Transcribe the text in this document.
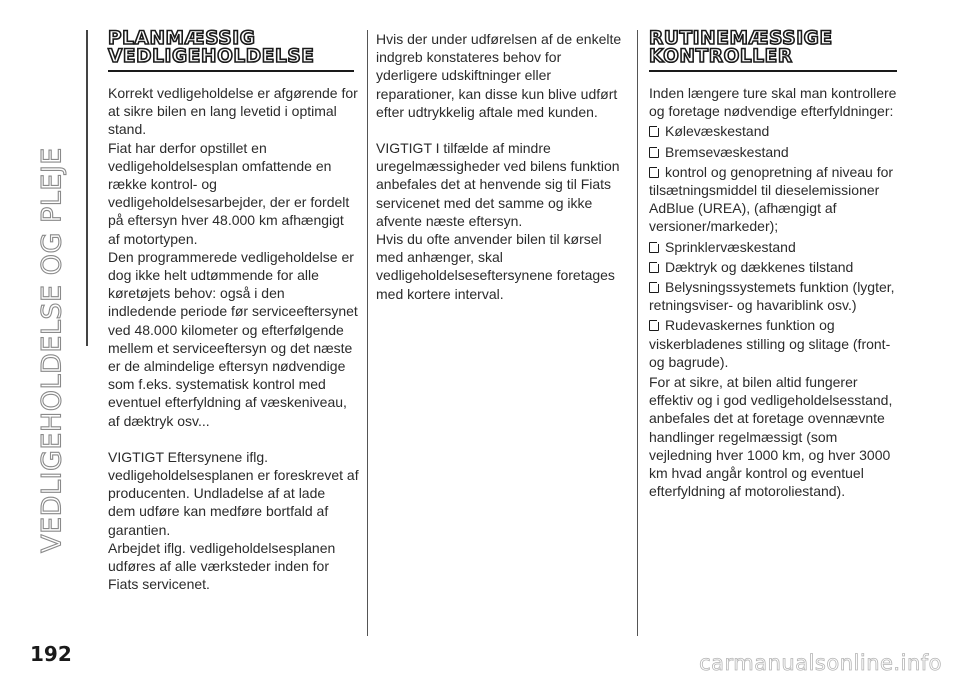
VEDLIGEHOLDELSE OG PLEJE
PLANMÆSSIG
VEDLIGEHOLDELSE
Korrekt vedligeholdelse er afgørende for
at sikre bilen en lang levetid i optimal
stand.
Fiat har derfor opstillet en
vedligeholdelsesplan omfattende en
række kontrol- og
vedligeholdelsesarbejder, der er fordelt
på eftersyn hver 48.000 km afhængigt
af motortypen.
Den programmerede vedligeholdelse er
dog ikke helt udtømmende for alle
køretøjets behov: også i den
indledende periode før serviceeftersynet
ved 48.000 kilometer og efterfølgende
mellem et serviceeftersyn og det næste
er de almindelige eftersyn nødvendige
som f.eks. systematisk kontrol med
eventuel efterfyldning af væskeniveau,
af dæktryk osv...
VIGTIGT Eftersynene iflg.
vedligeholdelsesplanen er foreskrevet af
producenten. Undladelse af at lade
dem udføre kan medføre bortfald af
garantien.
Arbejdet iflg. vedligeholdelsesplanen
udføres af alle værksteder inden for
Fiats servicenet.
Hvis der under udførelsen af de enkelte
indgreb konstateres behov for
yderligere udskiftninger eller
reparationer, kan disse kun blive udført
efter udtrykkelig aftale med kunden.
VIGTIGT I tilfælde af mindre
uregelmæssigheder ved bilens funktion
anbefales det at henvende sig til Fiats
servicenet med det samme og ikke
afvente næste eftersyn.
Hvis du ofte anvender bilen til kørsel
med anhænger, skal
vedligeholdelseseftersynene foretages
med kortere interval.
RUTINEMÆSSIGE
KONTROLLER
Inden længere ture skal man kontrollere
og foretage nødvendige efterfyldninger:
Kølevæskestand
Bremsevæskestand
kontrol og genopretning af niveau for
tilsætningsmiddel til dieselemissioner
AdBlue (UREA), (afhængigt af
versioner/markeder);
Sprinklervæskestand
Dæktryk og dækkenes tilstand
Belysningssystemets funktion (lygter,
retningsviser- og havariblink osv.)
Rudevaskernes funktion og
viskerbladenes stilling og slitage (front-
og bagrude).
For at sikre, at bilen altid fungerer
effektiv og i god vedligeholdelsesstand,
anbefales det at foretage ovennævnte
handlinger regelmæssigt (som
vejledning hver 1000 km, og hver 3000
km hvad angår kontrol og eventuel
efterfyldning af motoroliestand).
192	carmanualsonline.info
